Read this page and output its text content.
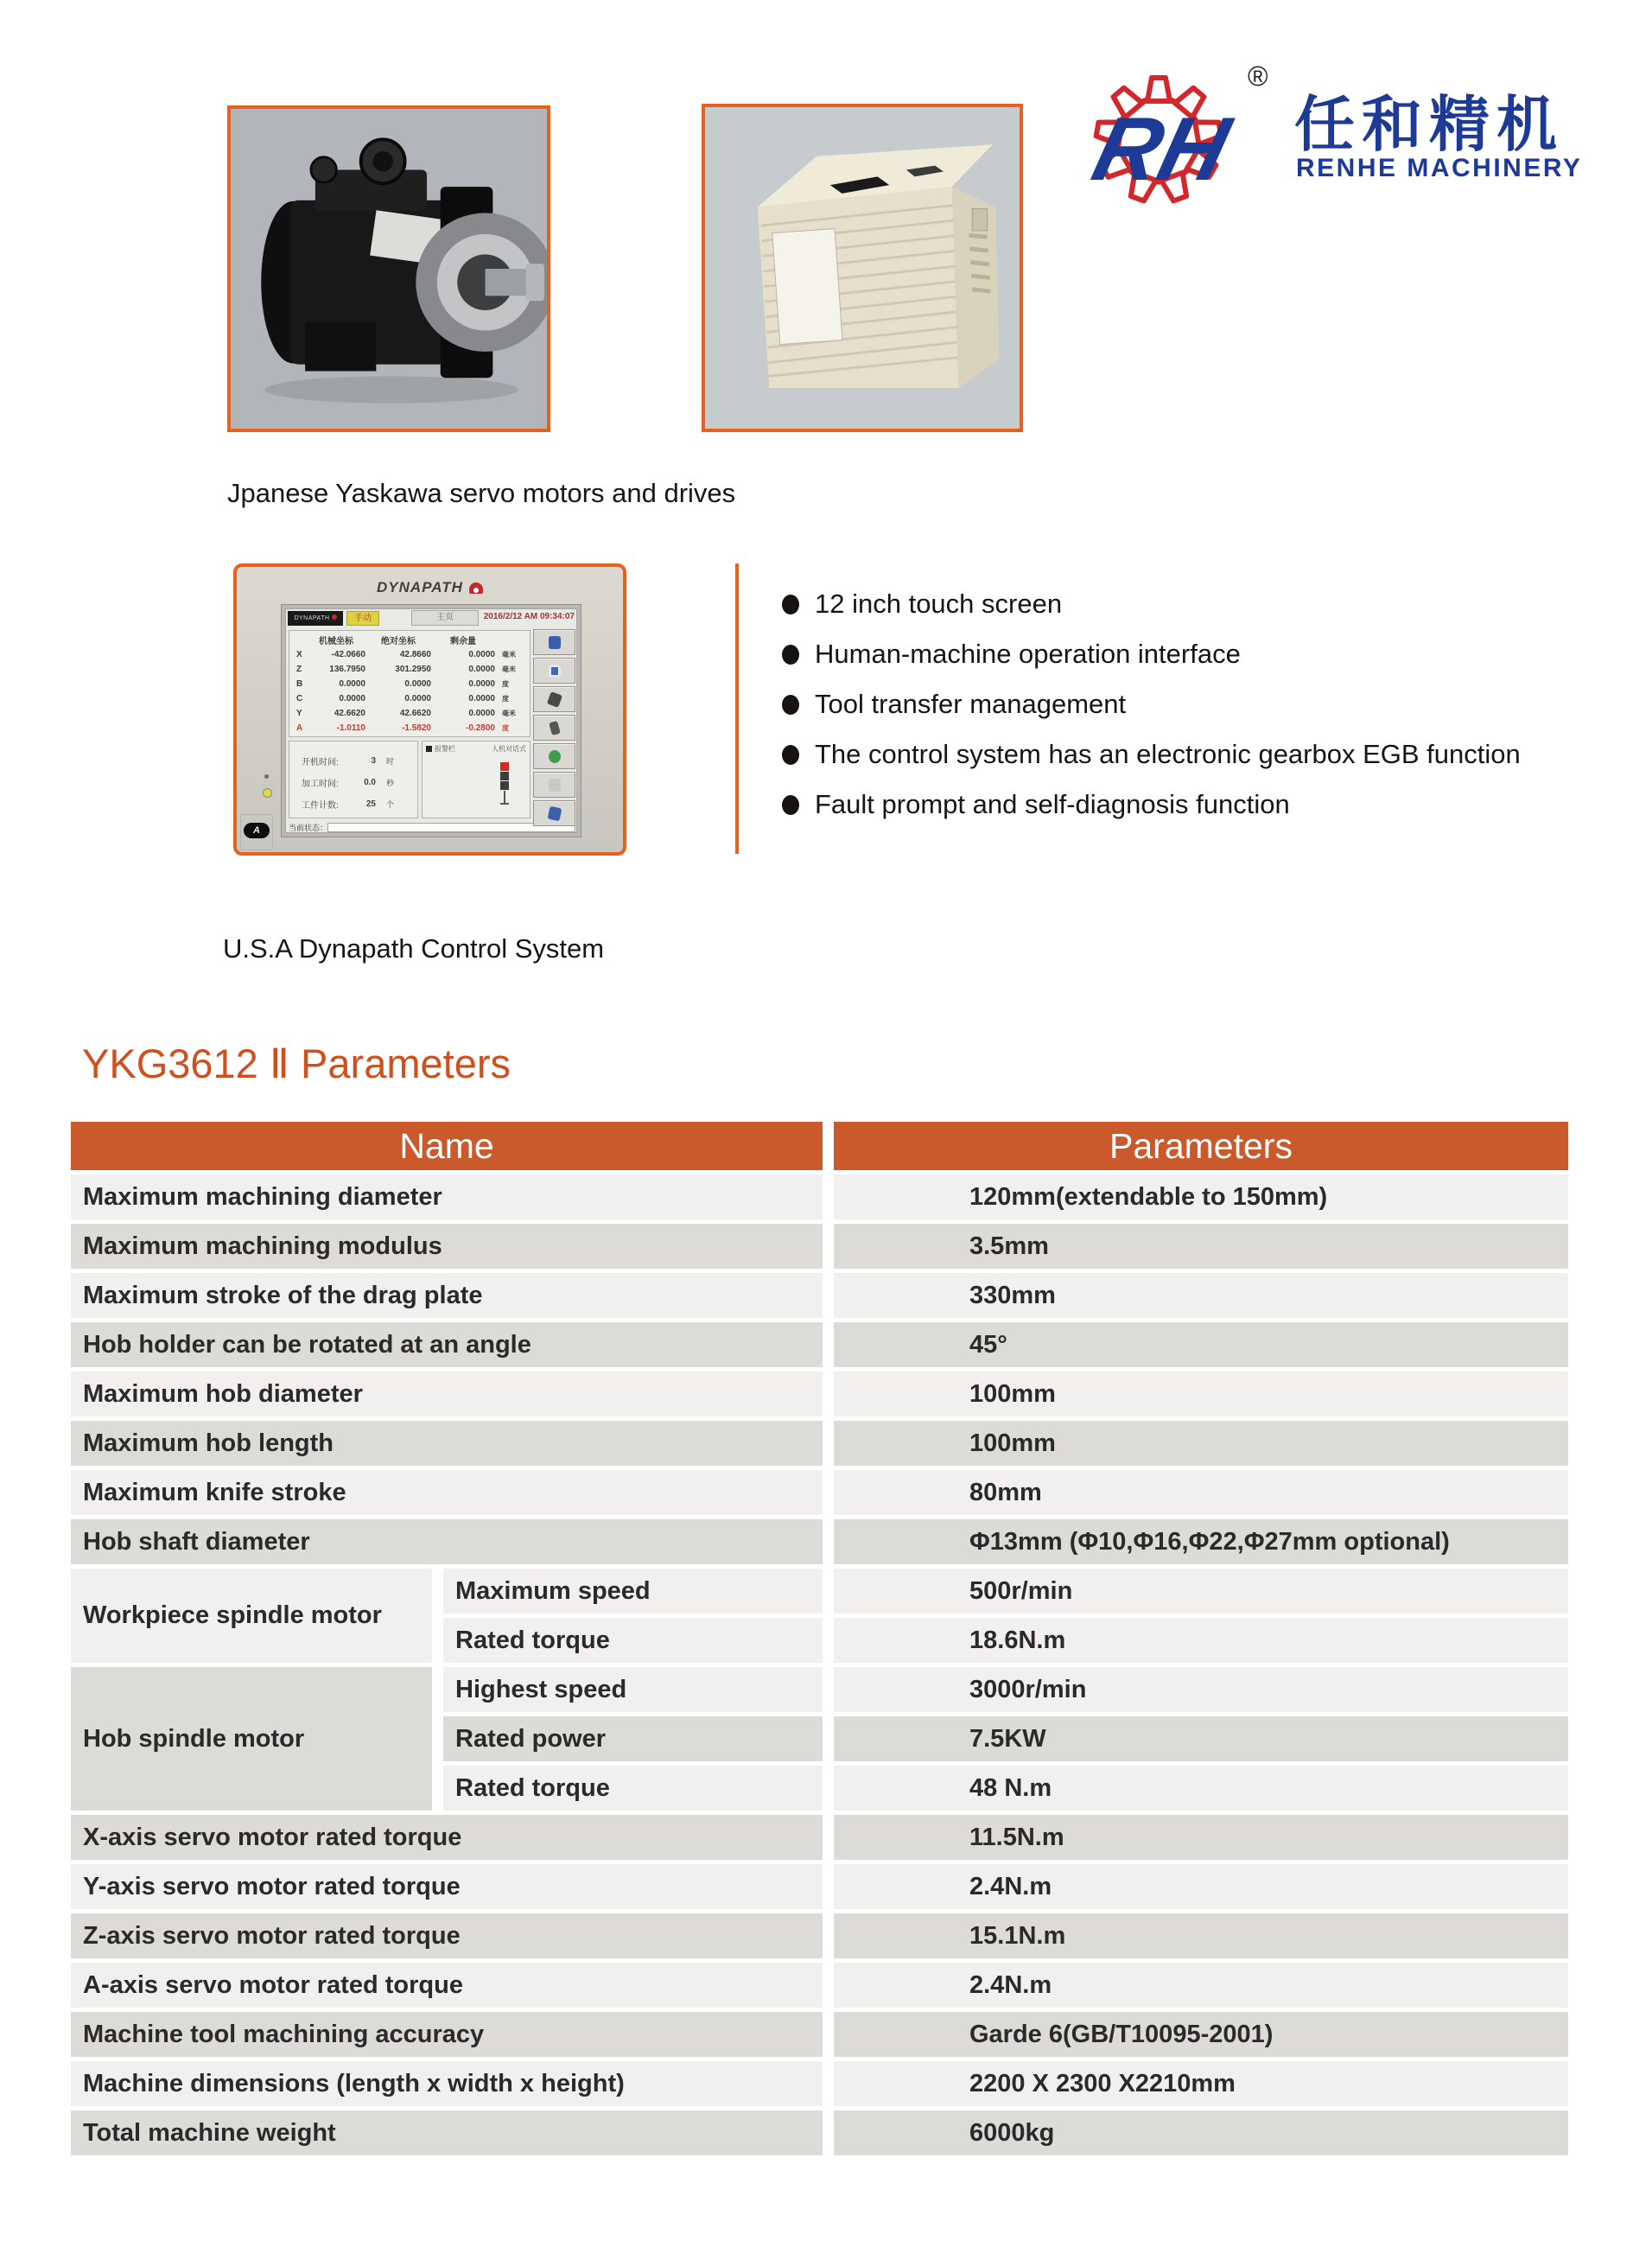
RH
®
任和精机
RENHE MACHINERY
Jpanese Yaskawa servo motors and drives
U.S.A Dynapath Control System
DYNAPATH
DYNAPATH	手动	主页	2016/2/12 AM 09:34:07
机械坐标	绝对坐标	剩余量
X	-42.0660	42.8660	0.0000	毫米
Z	136.7950	301.2950	0.0000	毫米
B	0.0000	0.0000	0.0000	度
C	0.0000	0.0000	0.0000	度
Y	42.6620	42.6620	0.0000	毫米
A	-1.0110	-1.5820	-0.2800	度
开机时间:	3	时
加工时间:	0.0	秒
工件计数:	25	个
报警栏	人机对话式
当前状态：
A
12 inch touch screen
Human-machine operation interface
Tool transfer management
The control system has an electronic gearbox EGB function
Fault prompt and self-diagnosis function
YKG3612 Ⅱ Parameters
Name	Parameters
Maximum machining diameter	120mm(extendable to 150mm)
Maximum machining modulus	3.5mm
Maximum stroke of the drag plate	330mm
Hob holder can be rotated at an angle	45°
Maximum hob diameter	100mm
Maximum hob length	100mm
Maximum knife stroke	80mm
Hob shaft diameter	Φ13mm (Φ10,Φ16,Φ22,Φ27mm optional)
Workpiece spindle motor
Maximum speed	500r/min
Rated torque	18.6N.m
Hob spindle motor
Highest speed	3000r/min
Rated power	7.5KW
Rated torque	48 N.m
X-axis servo motor rated torque	11.5N.m
Y-axis servo motor rated torque	2.4N.m
Z-axis servo motor rated torque	15.1N.m
A-axis servo motor rated torque	2.4N.m
Machine tool machining accuracy	Garde 6(GB/T10095-2001)
Machine dimensions (length x width x height)	2200 X 2300 X2210mm
Total machine weight	6000kg
